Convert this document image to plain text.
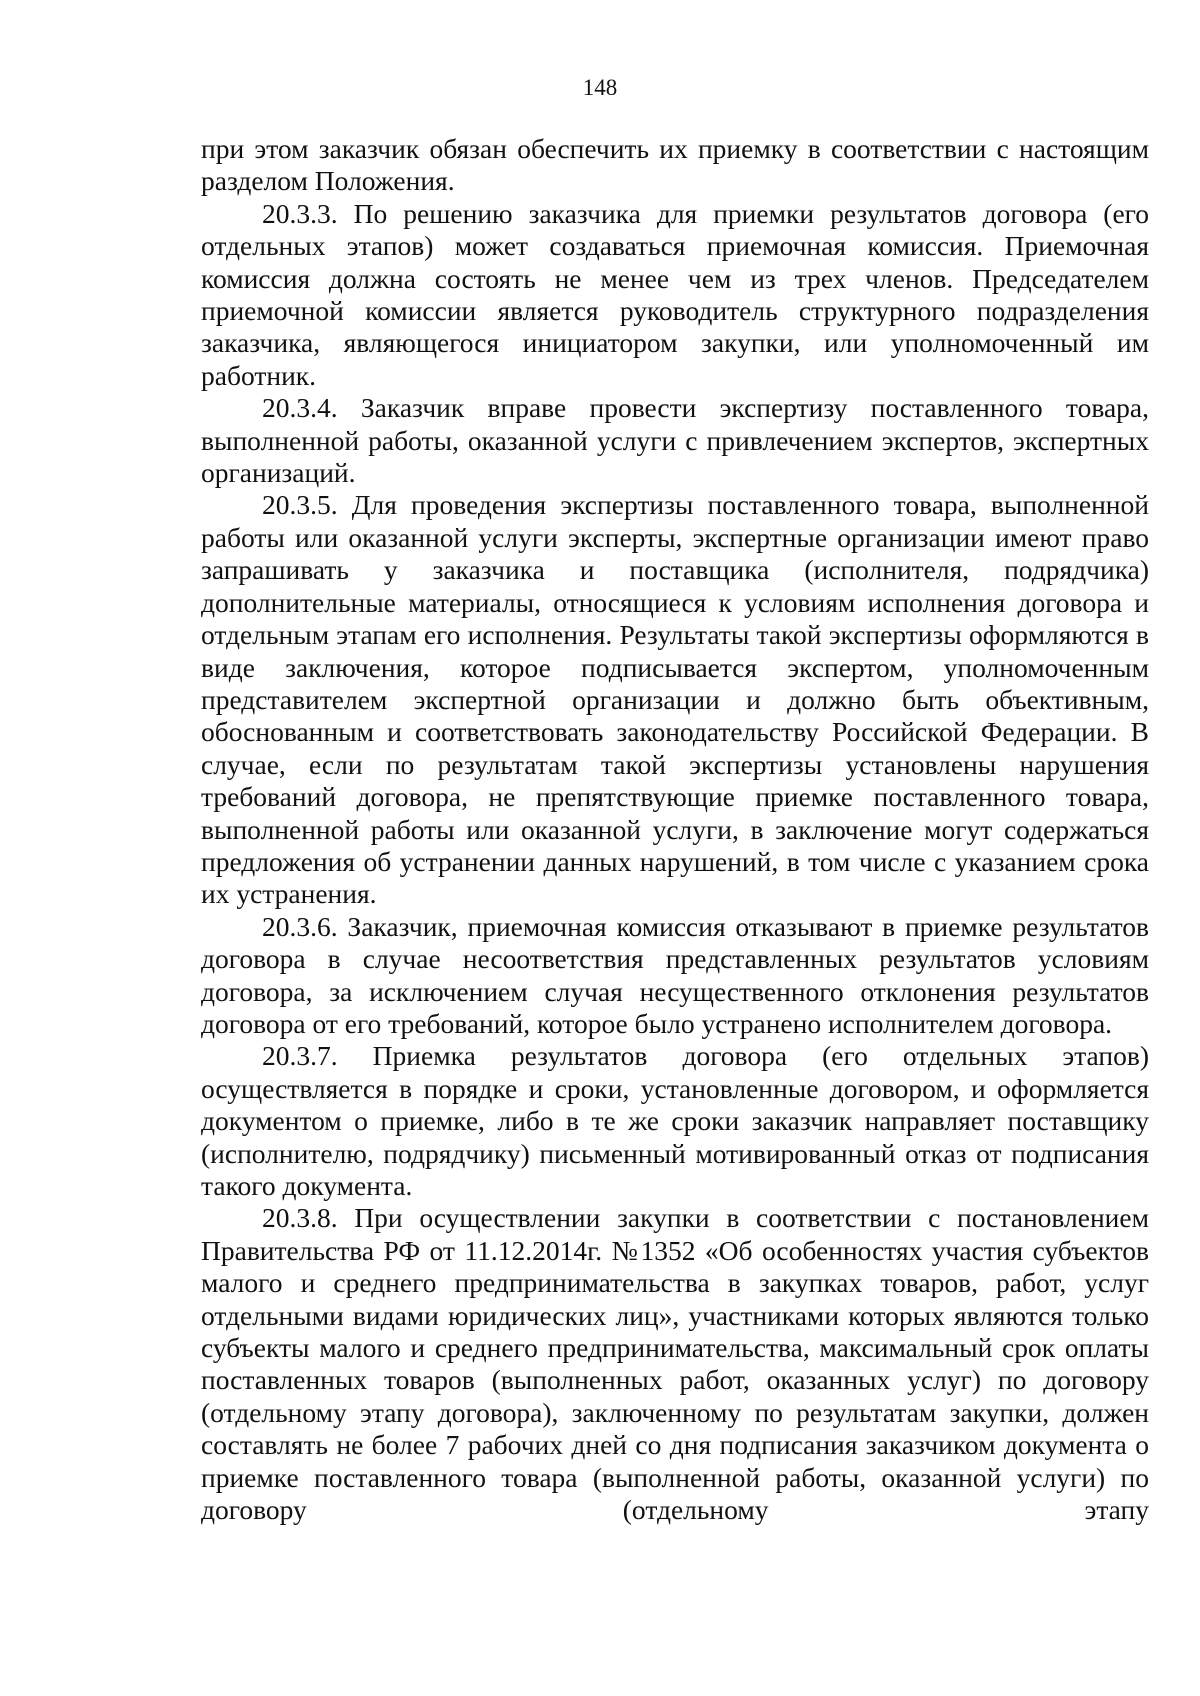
148

при этом заказчик обязан обеспечить их приемку в соответствии с настоящим разделом Положения.

20.3.3. По решению заказчика для приемки результатов договора (его отдельных этапов) может создаваться приемочная комиссия. Приемочная комиссия должна состоять не менее чем из трех членов. Председателем приемочной комиссии является руководитель структурного подразделения заказчика, являющегося инициатором закупки, или уполномоченный им работник.

20.3.4. Заказчик вправе провести экспертизу поставленного товара, выполненной работы, оказанной услуги с привлечением экспертов, экспертных организаций.

20.3.5. Для проведения экспертизы поставленного товара, выполненной работы или оказанной услуги эксперты, экспертные организации имеют право запрашивать у заказчика и поставщика (исполнителя, подрядчика) дополнительные материалы, относящиеся к условиям исполнения договора и отдельным этапам его исполнения. Результаты такой экспертизы оформляются в виде заключения, которое подписывается экспертом, уполномоченным представителем экспертной организации и должно быть объективным, обоснованным и соответствовать законодательству Российской Федерации. В случае, если по результатам такой экспертизы установлены нарушения требований договора, не препятствующие приемке поставленного товара, выполненной работы или оказанной услуги, в заключение могут содержаться предложения об устранении данных нарушений, в том числе с указанием срока их устранения.

20.3.6. Заказчик, приемочная комиссия отказывают в приемке результатов договора в случае несоответствия представленных результатов условиям договора, за исключением случая несущественного отклонения результатов договора от его требований, которое было устранено исполнителем договора.

20.3.7. Приемка результатов договора (его отдельных этапов) осуществляется в порядке и сроки, установленные договором, и оформляется документом о приемке, либо в те же сроки заказчик направляет поставщику (исполнителю, подрядчику) письменный мотивированный отказ от подписания такого документа.

20.3.8. При осуществлении закупки в соответствии с постановлением Правительства РФ от 11.12.2014г. №1352 «Об особенностях участия субъектов малого и среднего предпринимательства в закупках товаров, работ, услуг отдельными видами юридических лиц», участниками которых являются только субъекты малого и среднего предпринимательства, максимальный срок оплаты поставленных товаров (выполненных работ, оказанных услуг) по договору (отдельному этапу договора), заключенному по результатам закупки, должен составлять не более 7 рабочих дней со дня подписания заказчиком документа о приемке поставленного товара (выполненной работы, оказанной услуги) по договору (отдельному этапу
